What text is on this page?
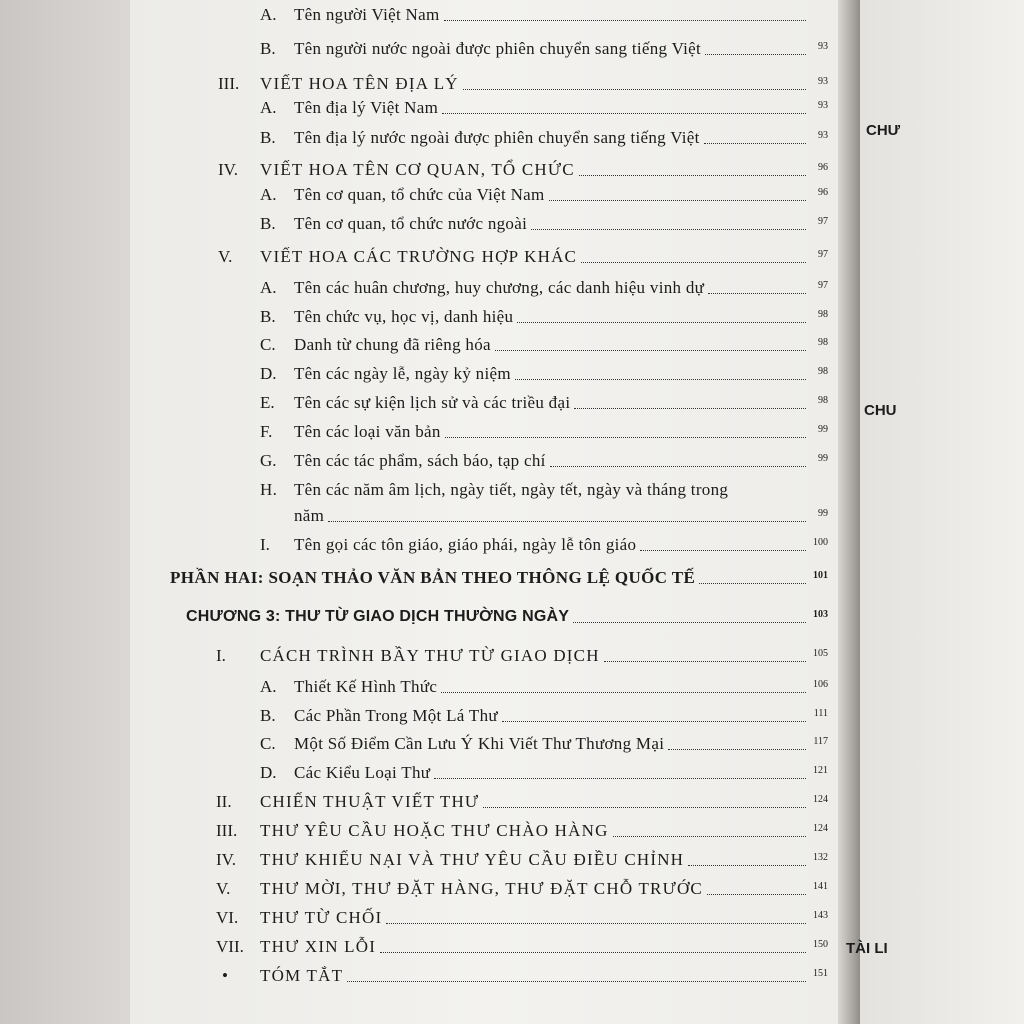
CHƯ
CHU
TÀI LI
A.	Tên người Việt Nam
B.	Tên người nước ngoài được phiên chuyển sang tiếng Việt	93
III.	VIẾT HOA TÊN ĐỊA LÝ	93
A.	Tên địa lý Việt Nam	93
B.	Tên địa lý nước ngoài được phiên chuyển sang tiếng Việt	93
IV.	VIẾT HOA TÊN CƠ QUAN, TỔ CHỨC	96
A.	Tên cơ quan, tổ chức của Việt Nam	96
B.	Tên cơ quan, tổ chức nước ngoài	97
V.	VIẾT HOA CÁC TRƯỜNG HỢP KHÁC	97
A.	Tên các huân chương, huy chương, các danh hiệu vinh dự	97
B.	Tên chức vụ, học vị, danh hiệu	98
C.	Danh từ chung đã riêng hóa	98
D.	Tên các ngày lễ, ngày kỷ niệm	98
E.	Tên các sự kiện lịch sử và các triều đại	98
F.	Tên các loại văn bản	99
G.	Tên các tác phẩm, sách báo, tạp chí	99
H. Tên các năm âm lịch, ngày tiết, ngày tết, ngày và tháng trong
năm	99
I.	Tên gọi các tôn giáo, giáo phái, ngày lễ tôn giáo	100
PHẦN HAI: SOẠN THẢO VĂN BẢN THEO THÔNG LỆ QUỐC TẾ	101
CHƯƠNG 3: THƯ TỪ GIAO DỊCH THƯỜNG NGÀY	103
I.	CÁCH TRÌNH BẦY THƯ TỪ GIAO DỊCH	105
A.	Thiết Kế Hình Thức	106
B.	Các Phần Trong Một Lá Thư	111
C.	Một Số Điểm Cần Lưu Ý Khi Viết Thư Thương Mại	117
D.	Các Kiểu Loại Thư	121
II.	CHIẾN THUẬT VIẾT THƯ	124
III.	THƯ YÊU CẦU HOẶC THƯ CHÀO HÀNG	124
IV.	THƯ KHIẾU NẠI VÀ THƯ YÊU CẦU ĐIỀU CHỈNH	132
V.	THƯ MỜI, THƯ ĐẶT HÀNG, THƯ ĐẶT CHỖ TRƯỚC	141
VI.	THƯ TỪ CHỐI	143
VII. THƯ XIN LỖI	150
•	TÓM TẮT	151
